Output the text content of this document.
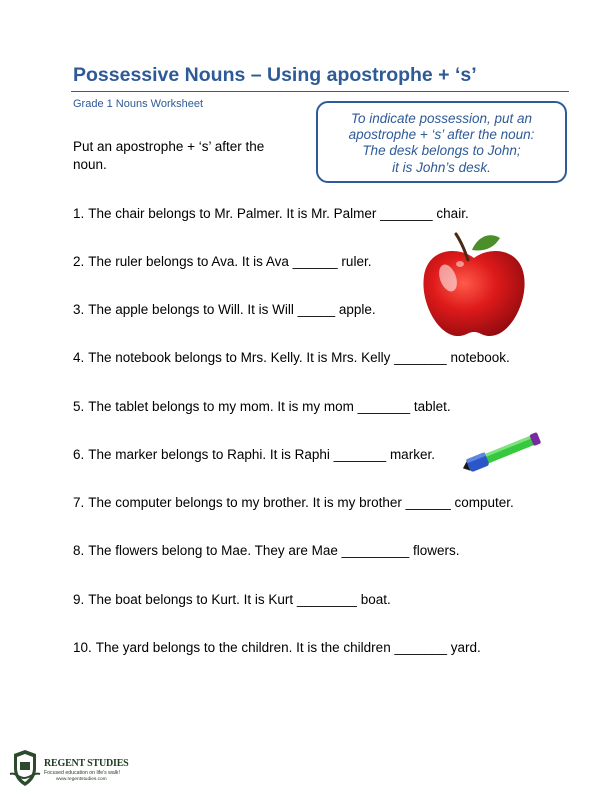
Possessive Nouns – Using apostrophe + ‘s’
Grade 1 Nouns Worksheet
Put an apostrophe + ‘s’ after the noun.
To indicate possession, put an
apostrophe + ‘s’ after the noun:
The desk belongs to John;
it is John’s desk.
1. The chair belongs to Mr. Palmer. It is Mr. Palmer _______ chair.
2. The ruler belongs to Ava. It is Ava ______ ruler.
3. The apple belongs to Will. It is Will _____ apple.
4. The notebook belongs to Mrs. Kelly. It is Mrs. Kelly _______ notebook.
5. The tablet belongs to my mom. It is my mom _______ tablet.
6. The marker belongs to Raphi. It is Raphi _______ marker.
7. The computer belongs to my brother. It is my brother ______ computer.
8. The flowers belong to Mae. They are Mae _________ flowers.
9. The boat belongs to Kurt. It is Kurt ________ boat.
10. The yard belongs to the children. It is the children _______ yard.
REGENT STUDIES
Focused education on life's walk!
www.regentstudies.com
